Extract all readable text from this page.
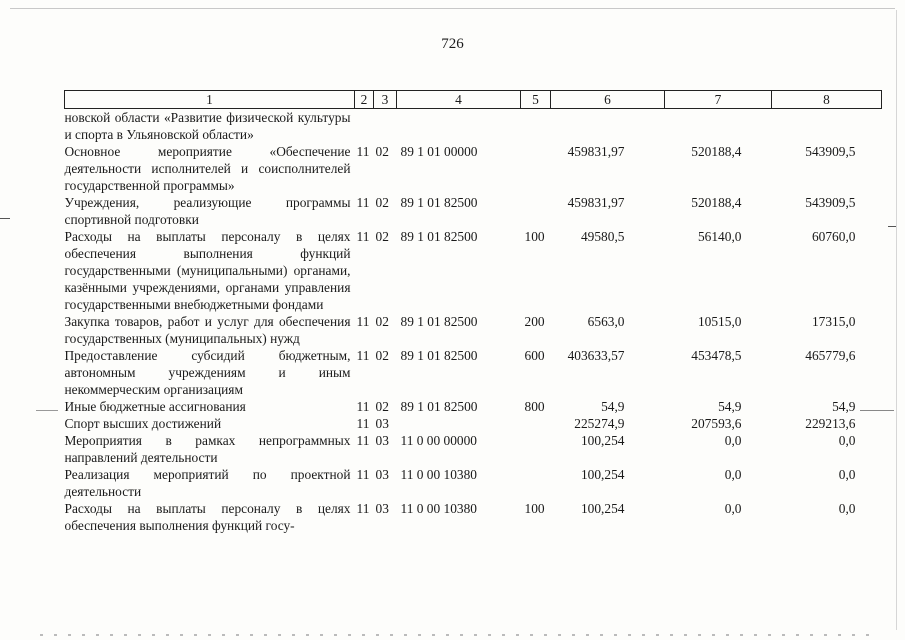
726
1	2	3	4	5	6	7	8
новской области «Развитие физической культуры и спорта в Ульяновской области»							
Основное мероприятие «Обеспечение деятельности исполнителей и соисполнителей государственной программы»	11	02	89 1 01 00000		459831,97	520188,4	543909,5
Учреждения, реализующие программы спортивной подготовки	11	02	89 1 01 82500		459831,97	520188,4	543909,5
Расходы на выплаты персоналу в целях обеспечения выполнения функций государственными (муниципальными) органами, казёнными учреждениями, органами управления государственными внебюджетными фондами	11	02	89 1 01 82500	100	49580,5	56140,0	60760,0
Закупка товаров, работ и услуг для обеспечения государственных (муниципальных) нужд	11	02	89 1 01 82500	200	6563,0	10515,0	17315,0
Предоставление субсидий бюджетным, автономным учреждениям и иным некоммерческим организациям	11	02	89 1 01 82500	600	403633,57	453478,5	465779,6
Иные бюджетные ассигнования	11	02	89 1 01 82500	800	54,9	54,9	54,9
Спорт высших достижений	11	03			225274,9	207593,6	229213,6
Мероприятия в рамках непрограммных направлений деятельности	11	03	11 0 00 00000		100,254	0,0	0,0
Реализация мероприятий по проектной деятельности	11	03	11 0 00 10380		100,254	0,0	0,0
Расходы на выплаты персоналу в целях обеспечения выполнения функций госу-	11	03	11 0 00 10380	100	100,254	0,0	0,0
